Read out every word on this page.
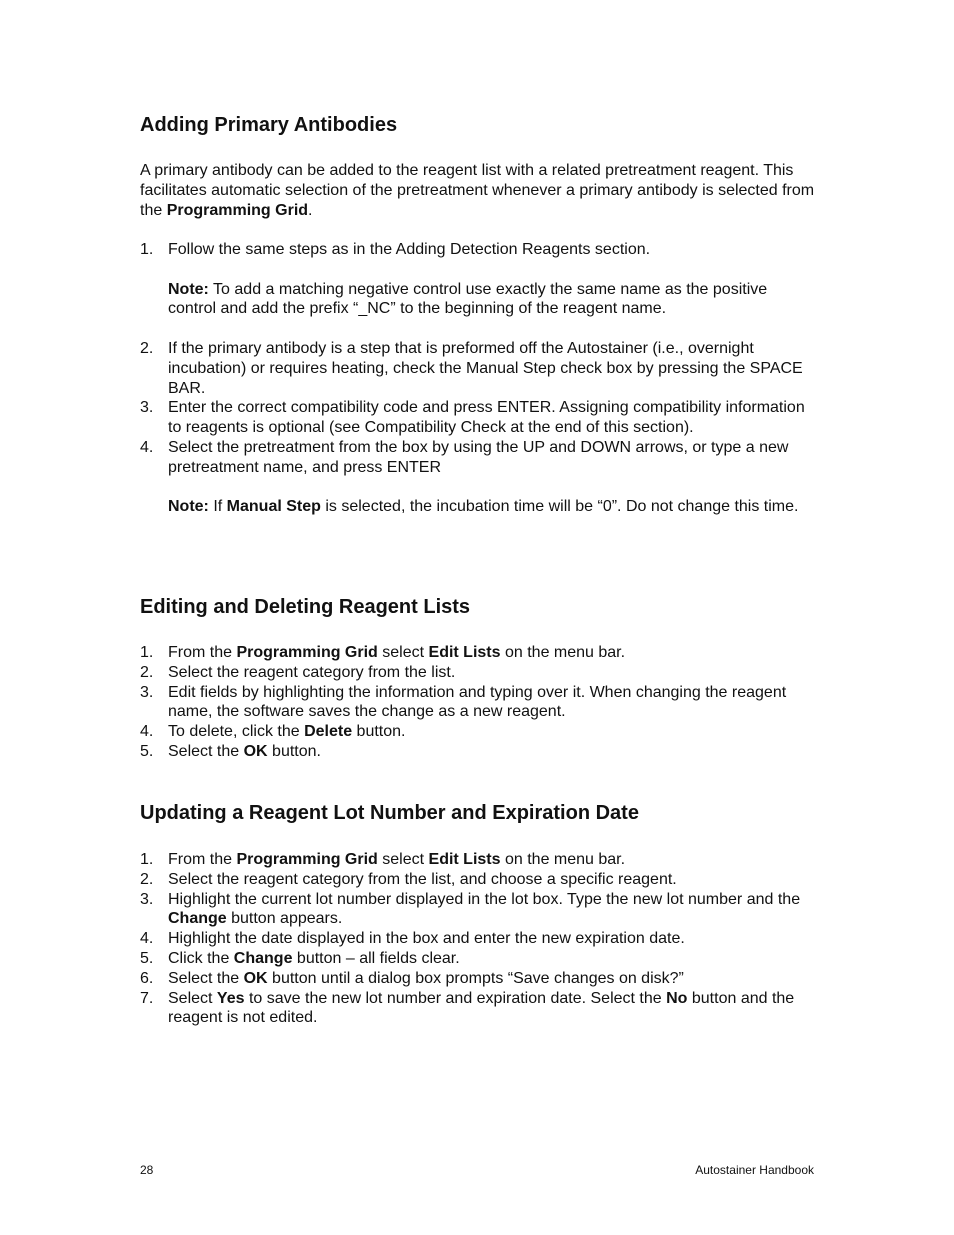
Adding Primary Antibodies
A primary antibody can be added to the reagent list with a related pretreatment reagent. This facilitates automatic selection of the pretreatment whenever a primary antibody is selected from the Programming Grid.
1. Follow the same steps as in the Adding Detection Reagents section.
Note: To add a matching negative control use exactly the same name as the positive control and add the prefix “_NC” to the beginning of the reagent name.
2. If the primary antibody is a step that is preformed off the Autostainer (i.e., overnight incubation) or requires heating, check the Manual Step check box by pressing the SPACE BAR.
3. Enter the correct compatibility code and press ENTER. Assigning compatibility information to reagents is optional (see Compatibility Check at the end of this section).
4. Select the pretreatment from the box by using the UP and DOWN arrows, or type a new pretreatment name, and press ENTER
Note: If Manual Step is selected, the incubation time will be “0”. Do not change this time.
Editing and Deleting Reagent Lists
1. From the Programming Grid select Edit Lists on the menu bar.
2. Select the reagent category from the list.
3. Edit fields by highlighting the information and typing over it. When changing the reagent name, the software saves the change as a new reagent.
4. To delete, click the Delete button.
5. Select the OK button.
Updating a Reagent Lot Number and Expiration Date
1. From the Programming Grid select Edit Lists on the menu bar.
2. Select the reagent category from the list, and choose a specific reagent.
3. Highlight the current lot number displayed in the lot box. Type the new lot number and the Change button appears.
4. Highlight the date displayed in the box and enter the new expiration date.
5. Click the Change button – all fields clear.
6. Select the OK button until a dialog box prompts “Save changes on disk?”
7. Select Yes to save the new lot number and expiration date. Select the No button and the reagent is not edited.
28	Autostainer Handbook
